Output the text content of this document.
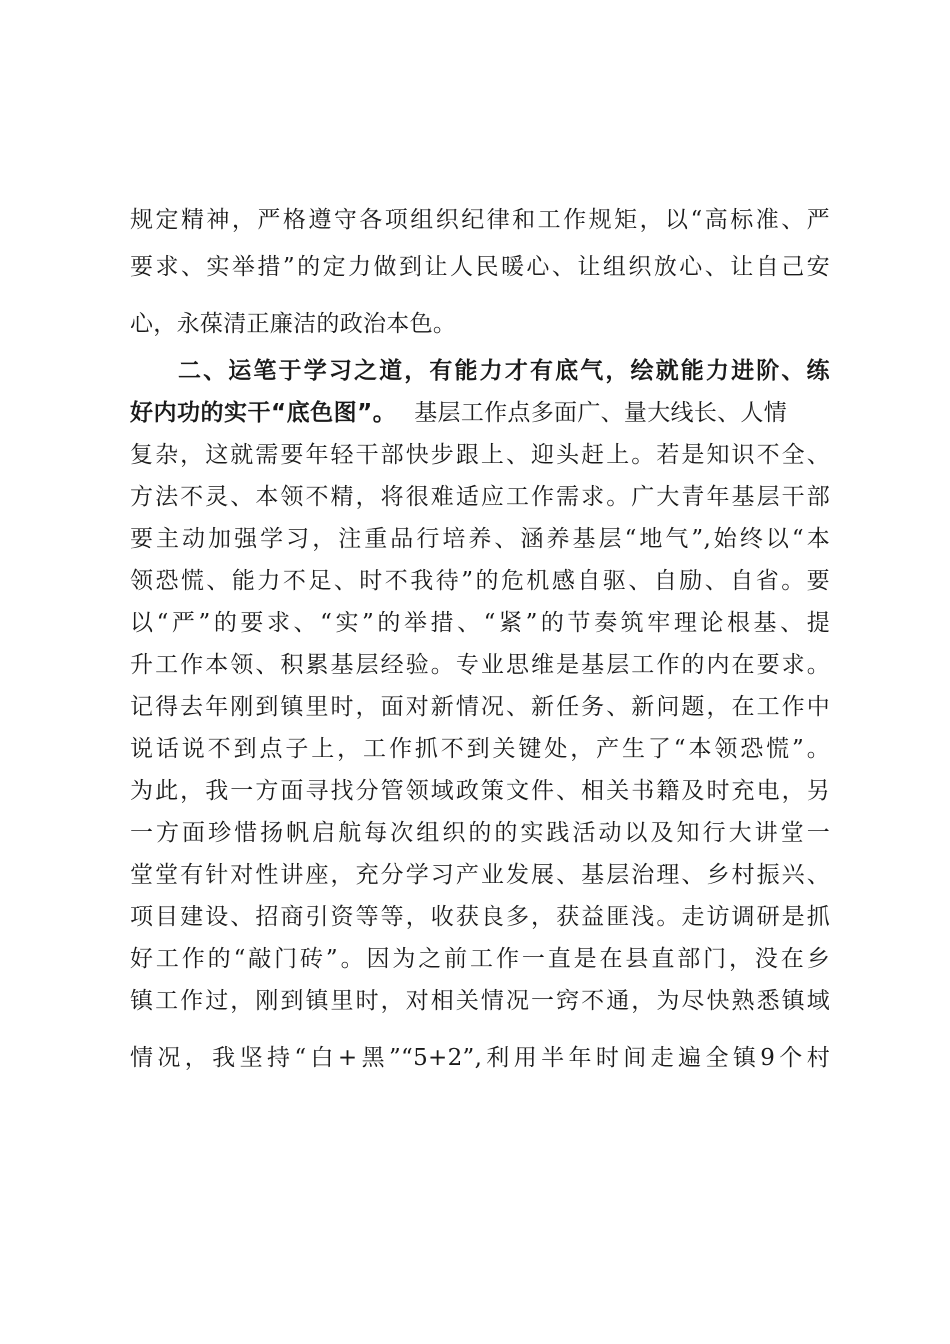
规定精神，严格遵守各项组织纪律和工作规矩，以“高标准、严
要求、实举措”的定力做到让人民暖心、让组织放心、让自己安
心，永葆清正廉洁的政治本色。
二、运笔于学习之道，有能力才有底气，绘就能力进阶、练
好内功的实干“底色图”。 基层工作点多面广、量大线长、人情
复杂，这就需要年轻干部快步跟上、迎头赶上。若是知识不全、
方法不灵、本领不精，将很难适应工作需求。广大青年基层干部
要主动加强学习，注重品行培养、涵养基层“地气”,始终以“本
领恐慌、能力不足、时不我待”的危机感自驱、自励、自省。要
以“严”的要求、“实”的举措、“紧”的节奏筑牢理论根基、提
升工作本领、积累基层经验。专业思维是基层工作的内在要求。
记得去年刚到镇里时，面对新情况、新任务、新问题，在工作中
说话说不到点子上，工作抓不到关键处，产生了“本领恐慌”。
为此，我一方面寻找分管领域政策文件、相关书籍及时充电，另
一方面珍惜扬帆启航每次组织的的实践活动以及知行大讲堂一
堂堂有针对性讲座，充分学习产业发展、基层治理、乡村振兴、
项目建设、招商引资等等，收获良多，获益匪浅。走访调研是抓
好工作的“敲门砖”。因为之前工作一直是在县直部门，没在乡
镇工作过，刚到镇里时，对相关情况一窍不通，为尽快熟悉镇域
情况，我坚持“白+黑”“5+2”,利用半年时间走遍全镇9个村
